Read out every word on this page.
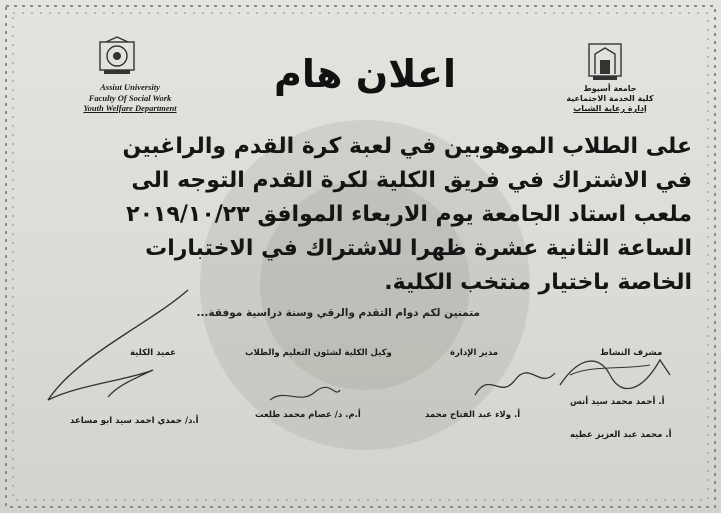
Assiut University
Faculty Of Social Work
Youth Welfare Department
جامعة أسيوط
كلية الخدمة الاجتماعية
إدارة رعاية الشباب
اعلان هام
على الطلاب الموهوبين في لعبة كرة القدم والراغبين
في الاشتراك في فريق الكلية لكرة القدم التوجه الى
ملعب استاد الجامعة يوم الاربعاء الموافق ٢٠١٩/١٠/٢٣
الساعة الثانية عشرة ظهرا للاشتراك في الاختبارات
الخاصة باختيار منتخب الكلية.
متمنين لكم دوام التقدم والرقي وسنة دراسية موفقة...
مشرف النشاط
مدير الإدارة
وكيل الكلية لشئون التعليم والطلاب
عميد الكلية
أ. أحمد محمد سيد أنس
أ. محمد عبد العزيز عطيه
أ. ولاء عبد الفتاح محمد
أ.م. د/ عصام محمد طلعت
أ.د/ حمدي احمد سيد ابو مساعد
